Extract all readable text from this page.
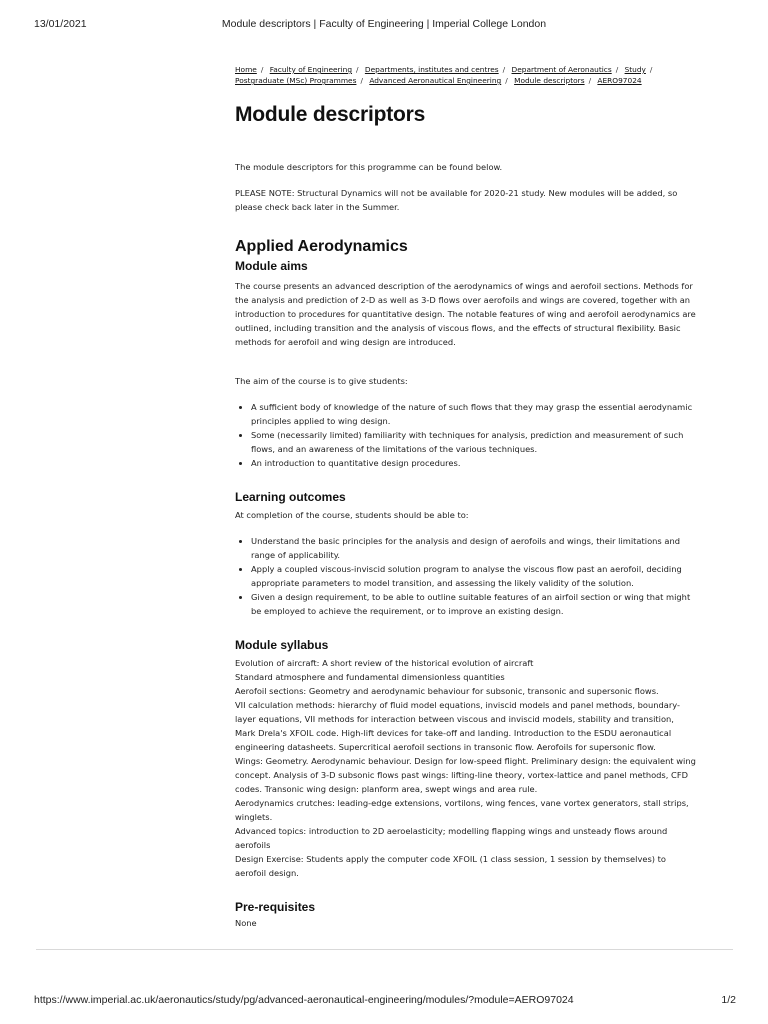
13/01/2021	Module descriptors | Faculty of Engineering | Imperial College London
Home / Faculty of Engineering / Departments, institutes and centres / Department of Aeronautics / Study /
Postgraduate (MSc) Programmes / Advanced Aeronautical Engineering / Module descriptors / AERO97024
Module descriptors

The module descriptors for this programme can be found below.

PLEASE NOTE: Structural Dynamics will not be available for 2020-21 study. New modules will be added, so please check back later in the Summer.

Applied Aerodynamics
Module aims

The course presents an advanced description of the aerodynamics of wings and aerofoil sections. Methods for the analysis and prediction of 2-D as well as 3-D flows over aerofoils and wings are covered, together with an introduction to procedures for quantitative design. The notable features of wing and aerofoil aerodynamics are outlined, including transition and the analysis of viscous flows, and the effects of structural flexibility. Basic methods for aerofoil and wing design are introduced.

The aim of the course is to give students:

• A sufficient body of knowledge of the nature of such flows that they may grasp the essential aerodynamic principles applied to wing design.
• Some (necessarily limited) familiarity with techniques for analysis, prediction and measurement of such flows, and an awareness of the limitations of the various techniques.
• An introduction to quantitative design procedures.
Learning outcomes

At completion of the course, students should be able to:

• Understand the basic principles for the analysis and design of aerofoils and wings, their limitations and range of applicability.
• Apply a coupled viscous-inviscid solution program to analyse the viscous flow past an aerofoil, deciding appropriate parameters to model transition, and assessing the likely validity of the solution.
• Given a design requirement, to be able to outline suitable features of an airfoil section or wing that might be employed to achieve the requirement, or to improve an existing design.
Module syllabus
Evolution of aircraft: A short review of the historical evolution of aircraft
Standard atmosphere and fundamental dimensionless quantities
Aerofoil sections: Geometry and aerodynamic behaviour for subsonic, transonic and supersonic flows.
VII calculation methods: hierarchy of fluid model equations, inviscid models and panel methods, boundary-layer equations, VII methods for interaction between viscous and inviscid models, stability and transition, Mark Drela's XFOIL code. High-lift devices for take-off and landing. Introduction to the ESDU aeronautical engineering datasheets. Supercritical aerofoil sections in transonic flow. Aerofoils for supersonic flow.
Wings: Geometry. Aerodynamic behaviour. Design for low-speed flight. Preliminary design: the equivalent wing concept. Analysis of 3-D subsonic flows past wings: lifting-line theory, vortex-lattice and panel methods, CFD codes. Transonic wing design: planform area, swept wings and area rule.
Aerodynamics crutches: leading-edge extensions, vortilons, wing fences, vane vortex generators, stall strips, winglets.
Advanced topics: introduction to 2D aeroelasticity; modelling flapping wings and unsteady flows around aerofoils
Design Exercise: Students apply the computer code XFOIL (1 class session, 1 session by themselves) to aerofoil design.
Pre-requisites

None

https://www.imperial.ac.uk/aeronautics/study/pg/advanced-aeronautical-engineering/modules/?module=AERO97024	1/2
